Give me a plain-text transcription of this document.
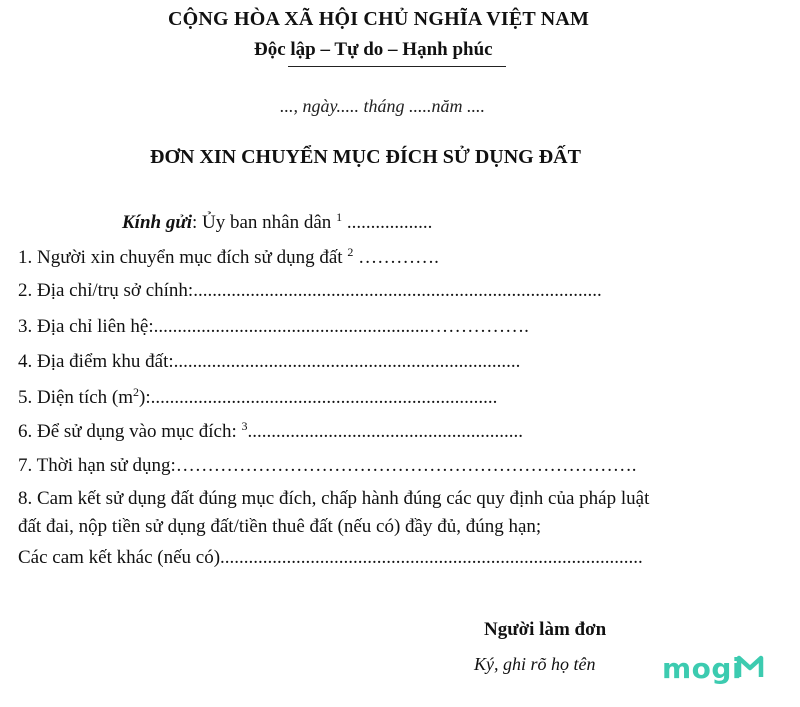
CỘNG HÒA XÃ HỘI CHỦ NGHĨA VIỆT NAM
Độc lập – Tự do – Hạnh phúc
..., ngày..... tháng .....năm ....
ĐƠN XIN CHUYỂN MỤC ĐÍCH SỬ DỤNG ĐẤT
Kính gửi: Ủy ban nhân dân $^1$ ..................
1. Người xin chuyển mục đích sử dụng đất $^2$ ………….
2. Địa chỉ/trụ sở chính:......................................................................................
3. Địa chỉ liên hệ:..........................................................…………….
4. Địa điểm khu đất:.........................................................................
5. Diện tích $(m^2)$:.........................................................................
6. Để sử dụng vào mục đích: $^3$..........................................................
7. Thời hạn sử dụng:……………………………………………………………….
8. Cam kết sử dụng đất đúng mục đích, chấp hành đúng các quy định của pháp luật
đất đai, nộp tiền sử dụng đất/tiền thuê đất (nếu có) đầy đủ, đúng hạn;
Các cam kết khác (nếu có).........................................................................................
Người làm đơn
Ký, ghi rõ họ tên mogi
